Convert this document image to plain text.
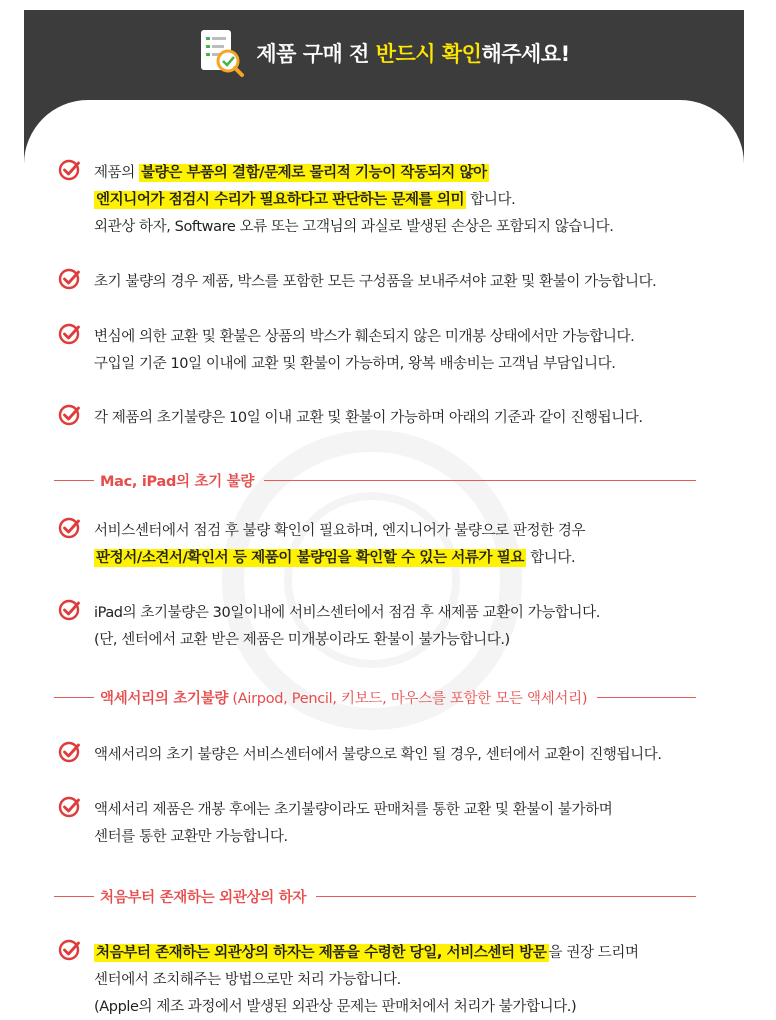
제품 구매 전 반드시 확인해주세요!
제품의 불량은 부품의 결함/문제로 물리적 기능이 작동되지 않아
엔지니어가 점검시 수리가 필요하다고 판단하는 문제를 의미 합니다.
외관상 하자, Software 오류 또는 고객님의 과실로 발생된 손상은 포함되지 않습니다.
초기 불량의 경우 제품, 박스를 포함한 모든 구성품을 보내주셔야 교환 및 환불이 가능합니다.
변심에 의한 교환 및 환불은 상품의 박스가 훼손되지 않은 미개봉 상태에서만 가능합니다.
구입일 기준 10일 이내에 교환 및 환불이 가능하며, 왕복 배송비는 고객님 부담입니다.
각 제품의 초기불량은 10일 이내 교환 및 환불이 가능하며 아래의 기준과 같이 진행됩니다.
Mac, iPad의 초기 불량
서비스센터에서 점검 후 불량 확인이 필요하며, 엔지니어가 불량으로 판정한 경우
판정서/소견서/확인서 등 제품이 불량임을 확인할 수 있는 서류가 필요 합니다.
iPad의 초기불량은 30일이내에 서비스센터에서 점검 후 새제품 교환이 가능합니다.
(단, 센터에서 교환 받은 제품은 미개봉이라도 환불이 불가능합니다.)
액세서리의 초기불량 (Airpod, Pencil, 키보드, 마우스를 포함한 모든 액세서리)
액세서리의 초기 불량은 서비스센터에서 불량으로 확인 될 경우, 센터에서 교환이 진행됩니다.
액세서리 제품은 개봉 후에는 초기불량이라도 판매처를 통한 교환 및 환불이 불가하며
센터를 통한 교환만 가능합니다.
처음부터 존재하는 외관상의 하자
처음부터 존재하는 외관상의 하자는 제품을 수령한 당일, 서비스센터 방문 을 권장 드리며
센터에서 조치해주는 방법으로만 처리 가능합니다.
(Apple의 제조 과정에서 발생된 외관상 문제는 판매처에서 처리가 불가합니다.)
